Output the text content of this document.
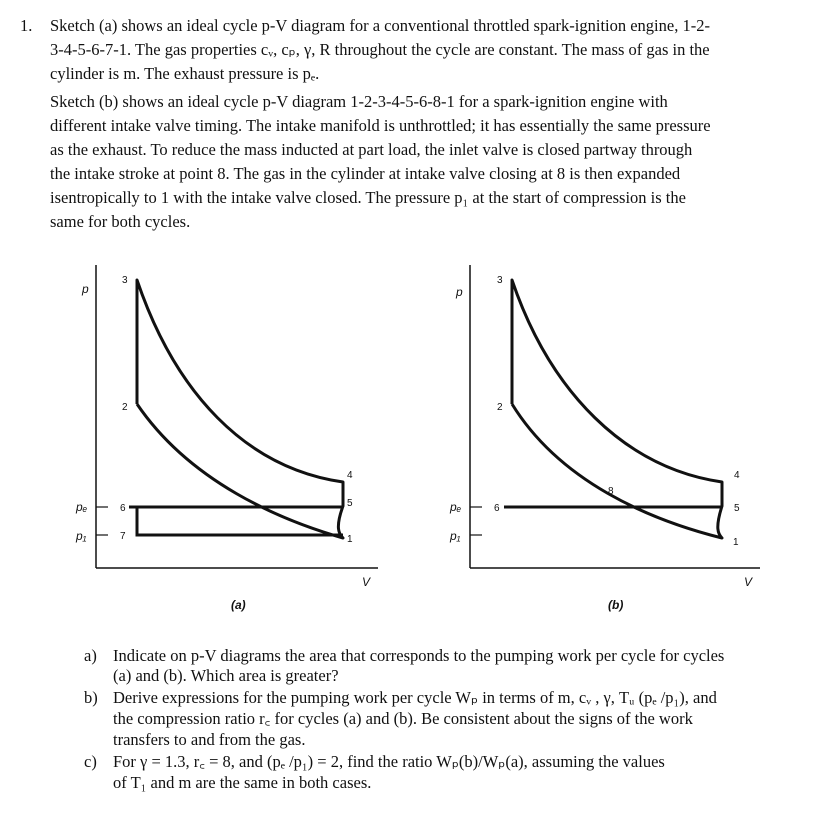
1. Sketch (a) shows an ideal cycle p-V diagram for a conventional throttled spark-ignition engine, 1-2-
3-4-5-6-7-1. The gas properties cᵥ, cₚ, γ, R throughout the cycle are constant. The mass of gas in the
cylinder is m. The exhaust pressure is pₑ.
Sketch (b) shows an ideal cycle p-V diagram 1-2-3-4-5-6-8-1 for a spark-ignition engine with
different intake valve timing. The intake manifold is unthrottled; it has essentially the same pressure
as the exhaust. To reduce the mass inducted at part load, the inlet valve is closed partway through
the intake stroke at point 8. The gas in the cylinder at intake valve closing at 8 is then expanded
isentropically to 1 with the intake valve closed. The pressure p₁ at the start of compression is the
same for both cycles.
p
V
pₑ
p₁
3
2
4
5
1
6
7
(a)
p
V
pₑ
p₁
3
2
8
4
5
1
6
(b)
a) Indicate on p-V diagrams the area that corresponds to the pumping work per cycle for cycles
(a) and (b). Which area is greater?
b) Derive expressions for the pumping work per cycle Wₚ in terms of m, cᵥ , γ, Tᵤ (pₑ /p₁), and
the compression ratio r꜀ for cycles (a) and (b). Be consistent about the signs of the work
transfers to and from the gas.
c) For γ = 1.3, r꜀ = 8, and (pₑ /p₁) = 2, find the ratio Wₚ(b)/Wₚ(a), assuming the values
of T₁ and m are the same in both cases.
